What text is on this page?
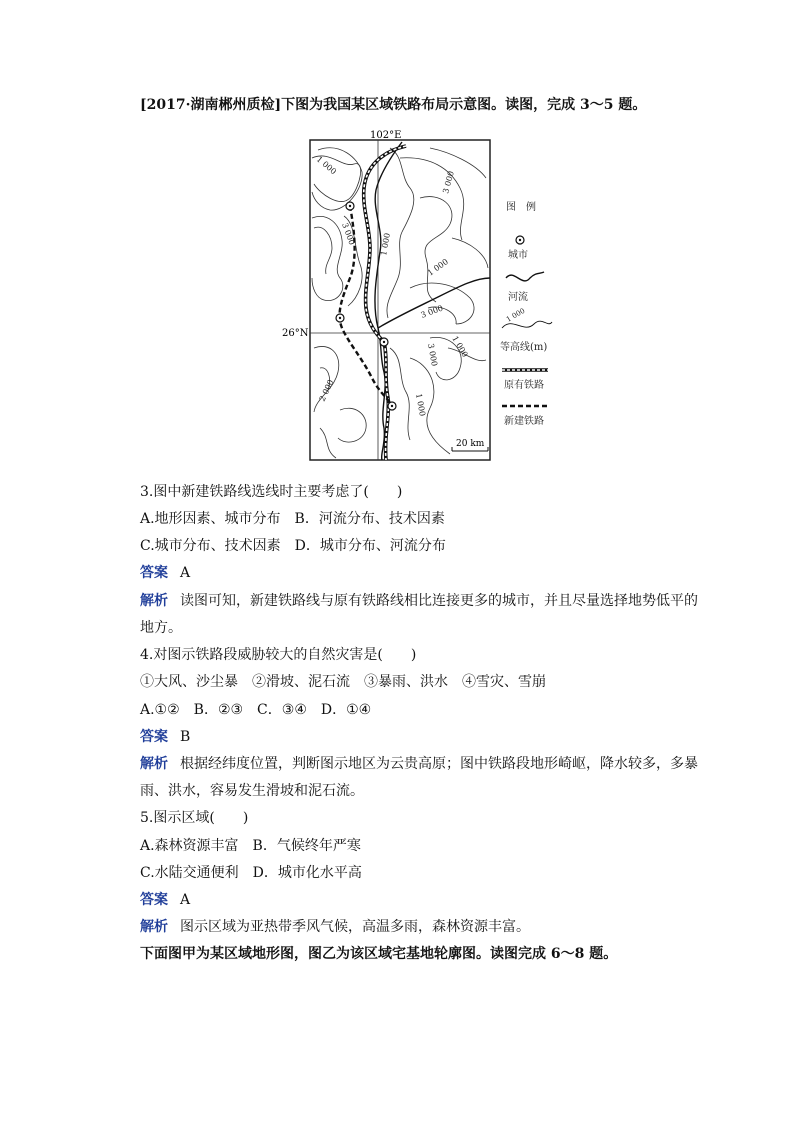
[2017·湖南郴州质检]下图为我国某区域铁路布局示意图。读图，完成 3～5 题。
102°E
26°N
1 000
3 000
3 000	1 000
1 000
3 000
3 000 1 000
2 000
1 000
20 km
图　例
城市
河流
1 000
等高线(m)
原有铁路
新建铁路
3.图中新建铁路线选线时主要考虑了(　　)
A.地形因素、城市分布　B．河流分布、技术因素
C.城市分布、技术因素　D．城市分布、河流分布
答案 A
解析 读图可知，新建铁路线与原有铁路线相比连接更多的城市，并且尽量选择地势低平的
地方。
4.对图示铁路段威胁较大的自然灾害是(　　)
①大风、沙尘暴　②滑坡、泥石流　③暴雨、洪水　④雪灾、雪崩
A.①②　B．②③　C．③④　D．①④
答案 B
解析 根据经纬度位置，判断图示地区为云贵高原；图中铁路段地形崎岖，降水较多，多暴
雨、洪水，容易发生滑坡和泥石流。
5.图示区域(　　)
A.森林资源丰富　B．气候终年严寒
C.水陆交通便利　D．城市化水平高
答案 A
解析 图示区域为亚热带季风气候，高温多雨，森林资源丰富。
下面图甲为某区域地形图，图乙为该区域宅基地轮廓图。读图完成 6～8 题。
